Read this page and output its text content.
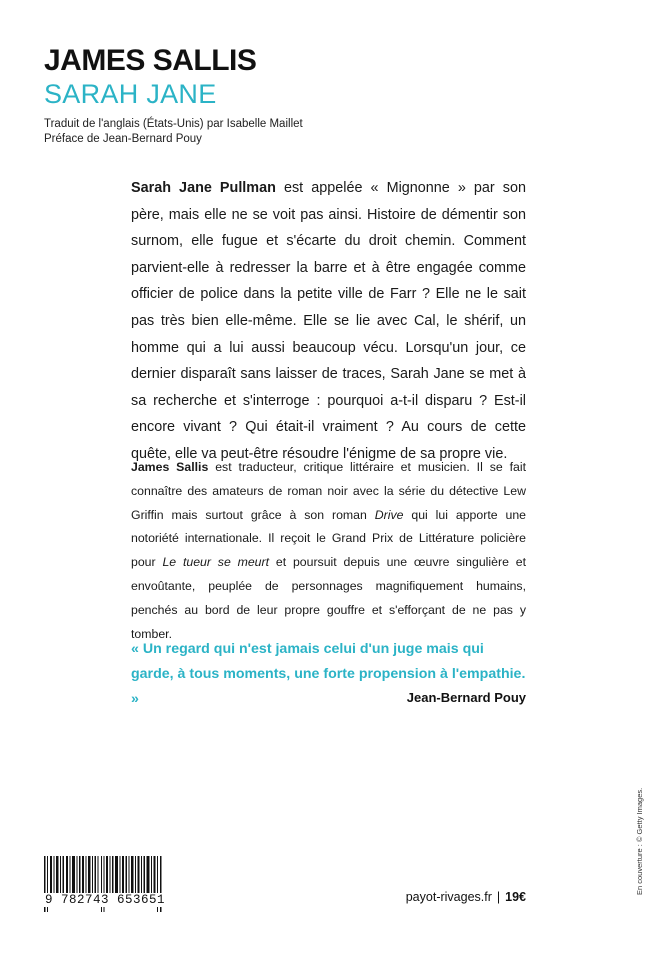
JAMES SALLIS
SARAH JANE
Traduit de l'anglais (États-Unis) par Isabelle Maillet
Préface de Jean-Bernard Pouy

Sarah Jane Pullman est appelée « Mignonne » par son père, mais elle ne se voit pas ainsi. Histoire de démentir son surnom, elle fugue et s'écarte du droit chemin. Comment parvient-elle à redresser la barre et à être engagée comme officier de police dans la petite ville de Farr ? Elle ne le sait pas très bien elle-même. Elle se lie avec Cal, le shérif, un homme qui a lui aussi beaucoup vécu. Lorsqu'un jour, ce dernier disparaît sans laisser de traces, Sarah Jane se met à sa recherche et s'interroge : pourquoi a-t-il disparu ? Est-il encore vivant ? Qui était-il vraiment ? Au cours de cette quête, elle va peut-être résoudre l'énigme de sa propre vie.

James Sallis est traducteur, critique littéraire et musicien. Il se fait connaître des amateurs de roman noir avec la série du détective Lew Griffin mais surtout grâce à son roman Drive qui lui apporte une notoriété internationale. Il reçoit le Grand Prix de Littérature policière pour Le tueur se meurt et poursuit depuis une œuvre singulière et envoûtante, peuplée de personnages magnifiquement humains, penchés au bord de leur propre gouffre et s'efforçant de ne pas y tomber.

« Un regard qui n'est jamais celui d'un juge mais qui garde, à tous moments, une forte propension à l'empathie. »	Jean-Bernard Pouy
9 782743 653651	payot-rivages.fr | 19€
En couverture : © Getty Images.
